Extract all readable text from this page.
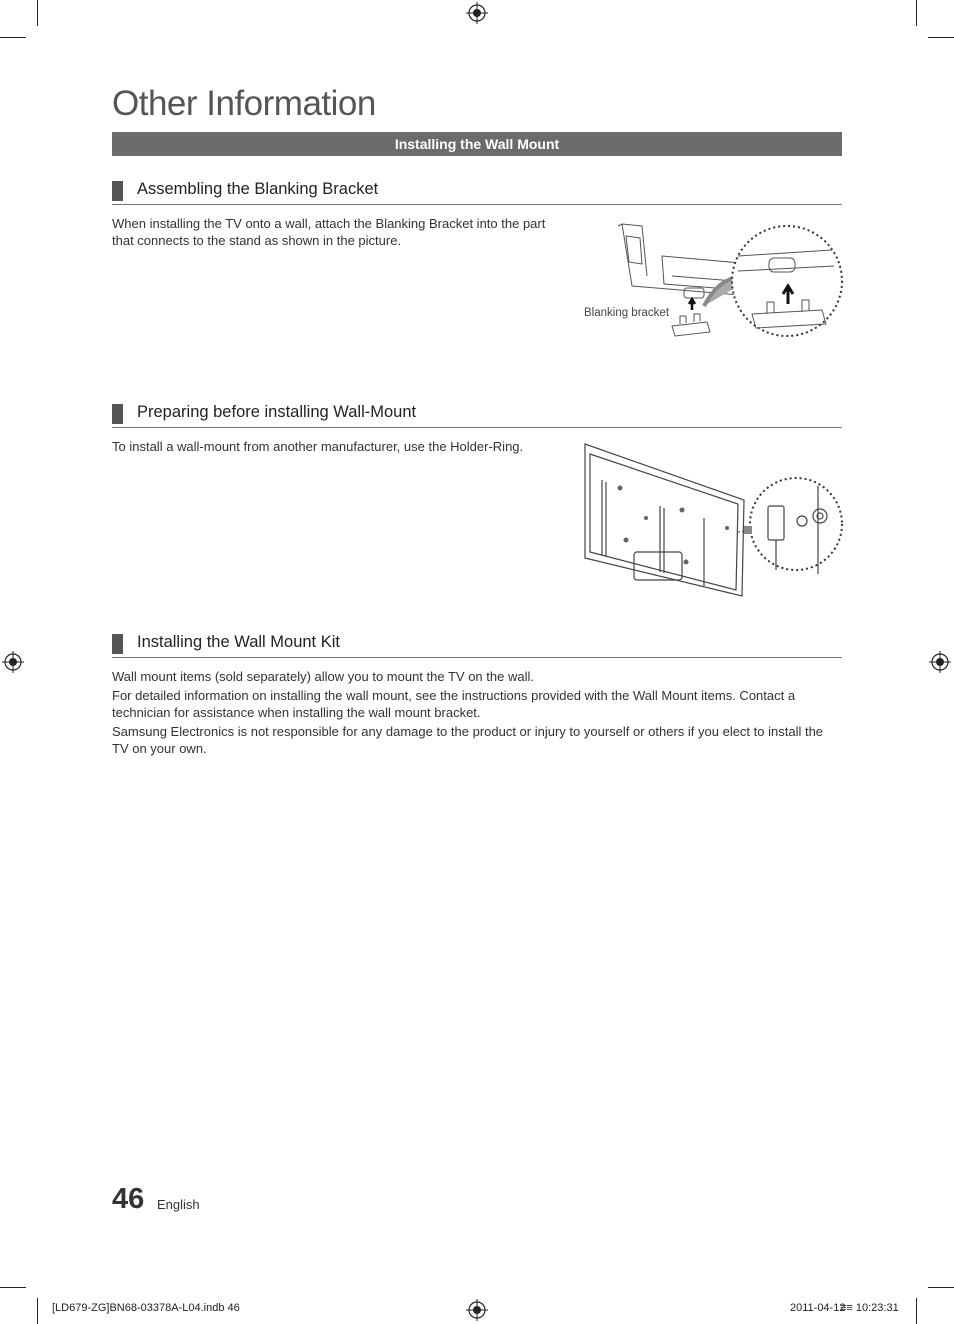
Other Information
Installing the Wall Mount
Assembling the Blanking Bracket

When installing the TV onto a wall, attach the Blanking Bracket into the part that connects to the stand as shown in the picture.

Blanking bracket
Preparing before installing Wall-Mount

To install a wall-mount from another manufacturer, use the Holder-Ring.

Installing the Wall Mount Kit

Wall mount items (sold separately) allow you to mount the TV on the wall.

For detailed information on installing the wall mount, see the instructions provided with the Wall Mount items. Contact a technician for assistance when installing the wall mount bracket.

Samsung Electronics is not responsible for any damage to the product or injury to yourself or others if you elect to install the TV on your own.

46 English
[LD679-ZG]BN68-03378A-L04.indb 46	2011-04-12
≡≡ 10:23:31
